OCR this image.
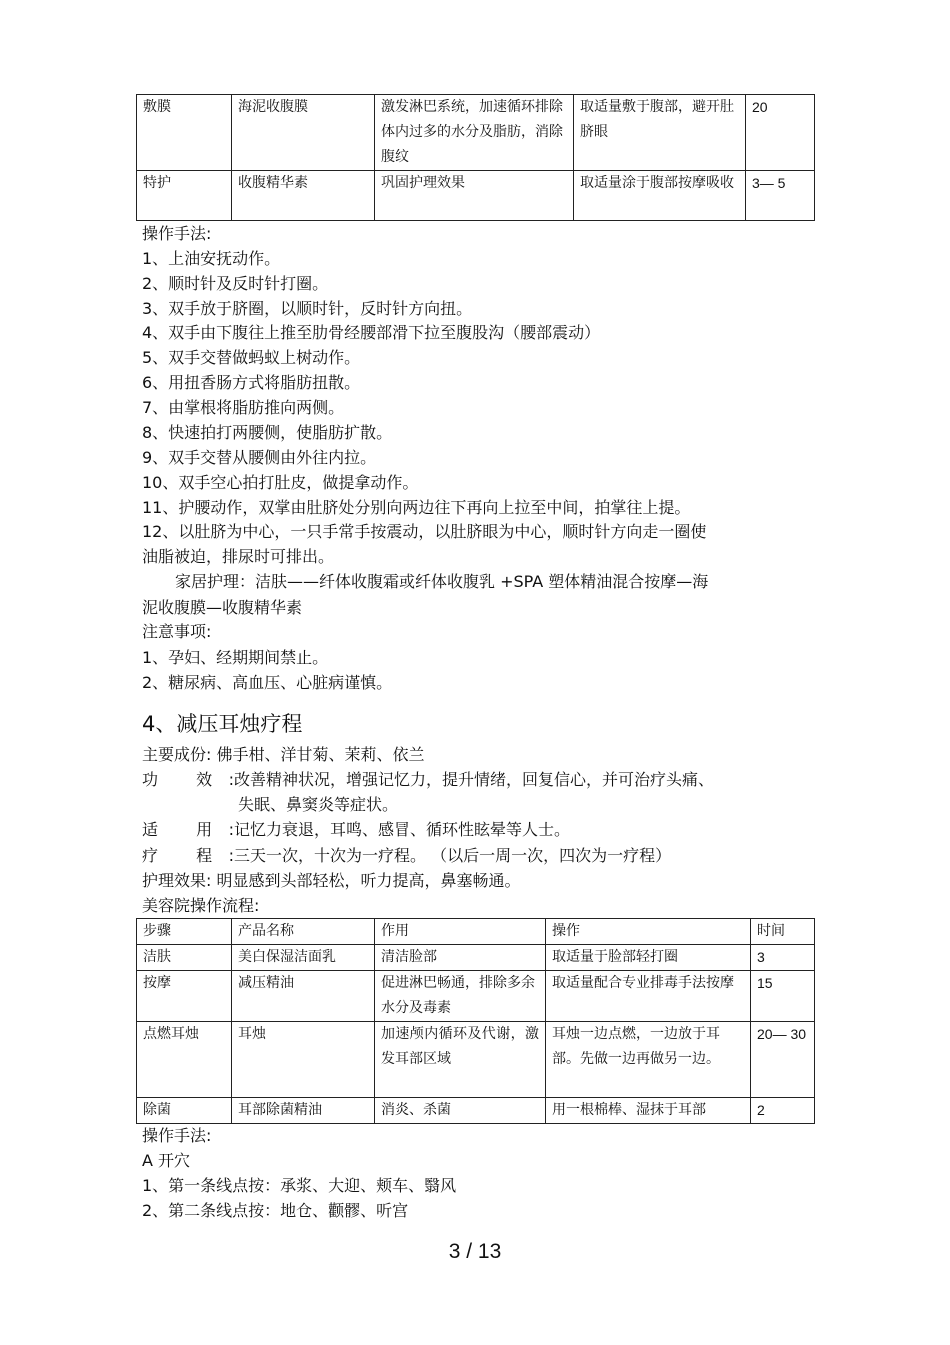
敷膜	海泥收腹膜	激发淋巴系统，加速循环排除体内过多的水分及脂肪，消除腹纹	取适量敷于腹部，避开肚脐眼	20
特护	收腹精华素	巩固护理效果	取适量涂于腹部按摩吸收	3— 5
操作手法:
1、上油安抚动作。
2、顺时针及反时针打圈。
3、双手放于脐圈，以顺时针，反时针方向扭。
4、双手由下腹往上推至肋骨经腰部滑下拉至腹股沟（腰部震动）
5、双手交替做蚂蚁上树动作。
6、用扭香肠方式将脂肪扭散。
7、由掌根将脂肪推向两侧。
8、快速拍打两腰侧，使脂肪扩散。
9、双手交替从腰侧由外往内拉。
10、双手空心拍打肚皮，做提拿动作。
11、护腰动作，双掌由肚脐处分别向两边往下再向上拉至中间，拍掌往上提。
12、以肚脐为中心，一只手常手按震动，以肚脐眼为中心，顺时针方向走一圈使
油脂被迫，排尿时可排出。
家居护理：洁肤——纤体收腹霜或纤体收腹乳 +SPA 塑体精油混合按摩—海
泥收腹膜—收腹精华素
注意事项:
1、孕妇、经期期间禁止。
2、糖尿病、高血压、心脏病谨慎。
4、减压耳烛疗程
主要成份: 佛手柑、洋甘菊、茉莉、依兰
功 效:改善精神状况，增强记忆力，提升情绪，回复信心，并可治疗头痛、
失眠、鼻窦炎等症状。
适 用:记忆力衰退，耳鸣、感冒、循环性眩晕等人士。
疗 程:三天一次，十次为一疗程。 （以后一周一次，四次为一疗程）
护理效果: 明显感到头部轻松，听力提高，鼻塞畅通。
美容院操作流程:
步骤	产品名称	作用	操作	时间
洁肤	美白保湿洁面乳	清洁脸部	取适量于脸部轻打圈	3
按摩	减压精油	促进淋巴畅通，排除多余水分及毒素	取适量配合专业排毒手法按摩	15
点燃耳烛	耳烛	加速颅内循环及代谢，激发耳部区域	耳烛一边点燃，一边放于耳部。先做一边再做另一边。	20— 30
除菌	耳部除菌精油	消炎、杀菌	用一根棉棒、湿抹于耳部	2
操作手法:
A 开穴
1、第一条线点按：承浆、大迎、颊车、翳风
2、第二条线点按：地仓、颧髎、听宫
3 / 13
